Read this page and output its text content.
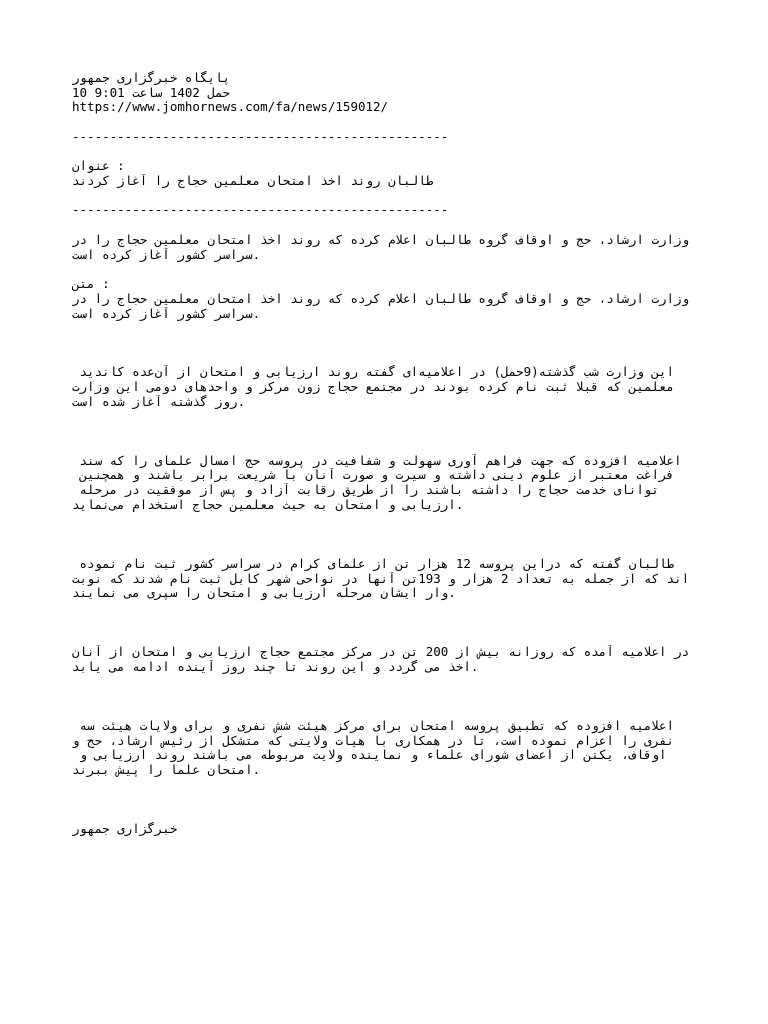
پایگاه خبرگزاری جمهور
10 حمل 1402 ساعت 9:01
https://www.jomhornews.com/fa/news/159012/
--------------------------------------------------
عنوان :
طالبان روند اخذ امتحان معلمین حجاج را آغاز کردند
--------------------------------------------------
وزارت ارشاد، حج و اوقاف گروه طالبان اعلام کرده که روند اخذ امتحان معلمین حجاج را در
سراسر کشور آغاز کرده است.
متن :
وزارت ارشاد، حج و اوقاف گروه طالبان اعلام کرده که روند اخذ امتحان معلمین حجاج را در
سراسر کشور آغاز کرده است.
این وزارت شب گذشته(9حمل) در اعلامیه‌ای گفته روند ارزیابی و امتحان از آن‌عده کاندید
معلمین که قبلا ثبت نام کرده بودند در مجتمع حجاج زون مرکز و واحدهای دومی این وزارت
روز گذشته آغاز شده است.
اعلامیه افزوده که جهت فراهم آوری سهولت و شفافیت در پروسه حج امسال علمای را که سند
فراغت معتبر از علوم دینی داشته و سیرت و صورت آنان با شریعت برابر باشند و همچنین
توانای خدمت حجاج را داشته باشند را از طریق رقابت آزاد و پس از موفقیت در مرحله
ارزیابی و امتحان به حیث معلمین حجاج استخدام می‌نماید.
طالبان گفته که دراین پروسه 12 هزار تن از علمای کرام در سراسر کشور ثبت نام نموده
اند که از جمله به تعداد 2 هزار و 193تن آنها در نواحی شهر کابل ثبت نام شدند که نوبت
وار ایشان مرحله ارزیابی و امتحان را سپری می نمایند.
در اعلامیه آمده که روزانه بیش از 200 تن در مرکز مجتمع حجاج ارزیابی و امتحان از آنان
اخذ می گردد و این روند تا چند روز آینده ادامه می یابد.
اعلامیه افزوده که تطبیق پروسه امتحان برای مرکز هیئت شش نفری و برای ولایات هیئت سه
نفری را اعزام نموده است، تا در همکاری با هیات ولایتی که متشکل از رئیس ارشاد، حج و
اوقاف، یکتن از اعضای شورای علماء و نماینده ولایت مربوطه می باشند روند ارزیابی و
امتحان علما را پیش ببرند.
خبرگزاری جمهور
